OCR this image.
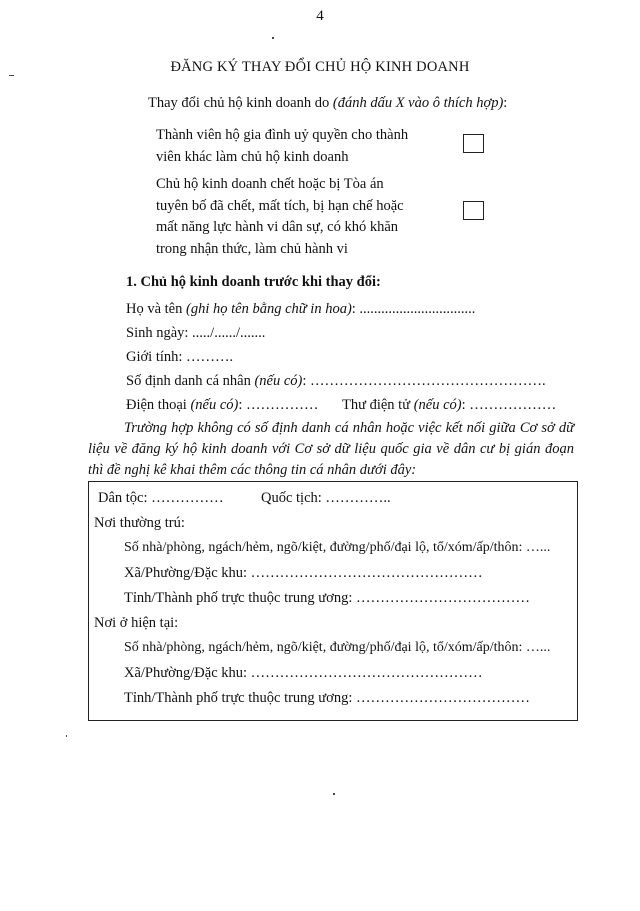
4
ĐĂNG KÝ THAY ĐỔI CHỦ HỘ KINH DOANH
Thay đổi chủ hộ kinh doanh do (đánh dấu X vào ô thích hợp):
Thành viên hộ gia đình uỷ quyền cho thành
viên khác làm chủ hộ kinh doanh
Chủ hộ kinh doanh chết hoặc bị Tòa án
tuyên bố đã chết, mất tích, bị hạn chế hoặc
mất năng lực hành vi dân sự, có khó khăn
trong nhận thức, làm chủ hành vi
1. Chủ hộ kinh doanh trước khi thay đổi:
Họ và tên (ghi họ tên bằng chữ in hoa): ................................
Sinh ngày: ...../....../.......
Giới tính: ……….
Số định danh cá nhân (nếu có): ………………………………………….
Điện thoại (nếu có): …………… Thư điện tử (nếu có): ………………
Trường hợp không có số định danh cá nhân hoặc việc kết nối giữa Cơ sở dữ liệu về đăng ký hộ kinh doanh với Cơ sở dữ liệu quốc gia về dân cư bị gián đoạn thì đề nghị kê khai thêm các thông tin cá nhân dưới đây:
Dân tộc: ……………	Quốc tịch: …………..
Nơi thường trú:
Số nhà/phòng, ngách/hẻm, ngõ/kiệt, đường/phố/đại lộ, tổ/xóm/ấp/thôn: …...
Xã/Phường/Đặc khu: …………………………………………
Tỉnh/Thành phố trực thuộc trung ương: ………………………………
Nơi ở hiện tại:
Số nhà/phòng, ngách/hẻm, ngõ/kiệt, đường/phố/đại lộ, tổ/xóm/ấp/thôn: …...
Xã/Phường/Đặc khu: …………………………………………
Tỉnh/Thành phố trực thuộc trung ương: ………………………………
